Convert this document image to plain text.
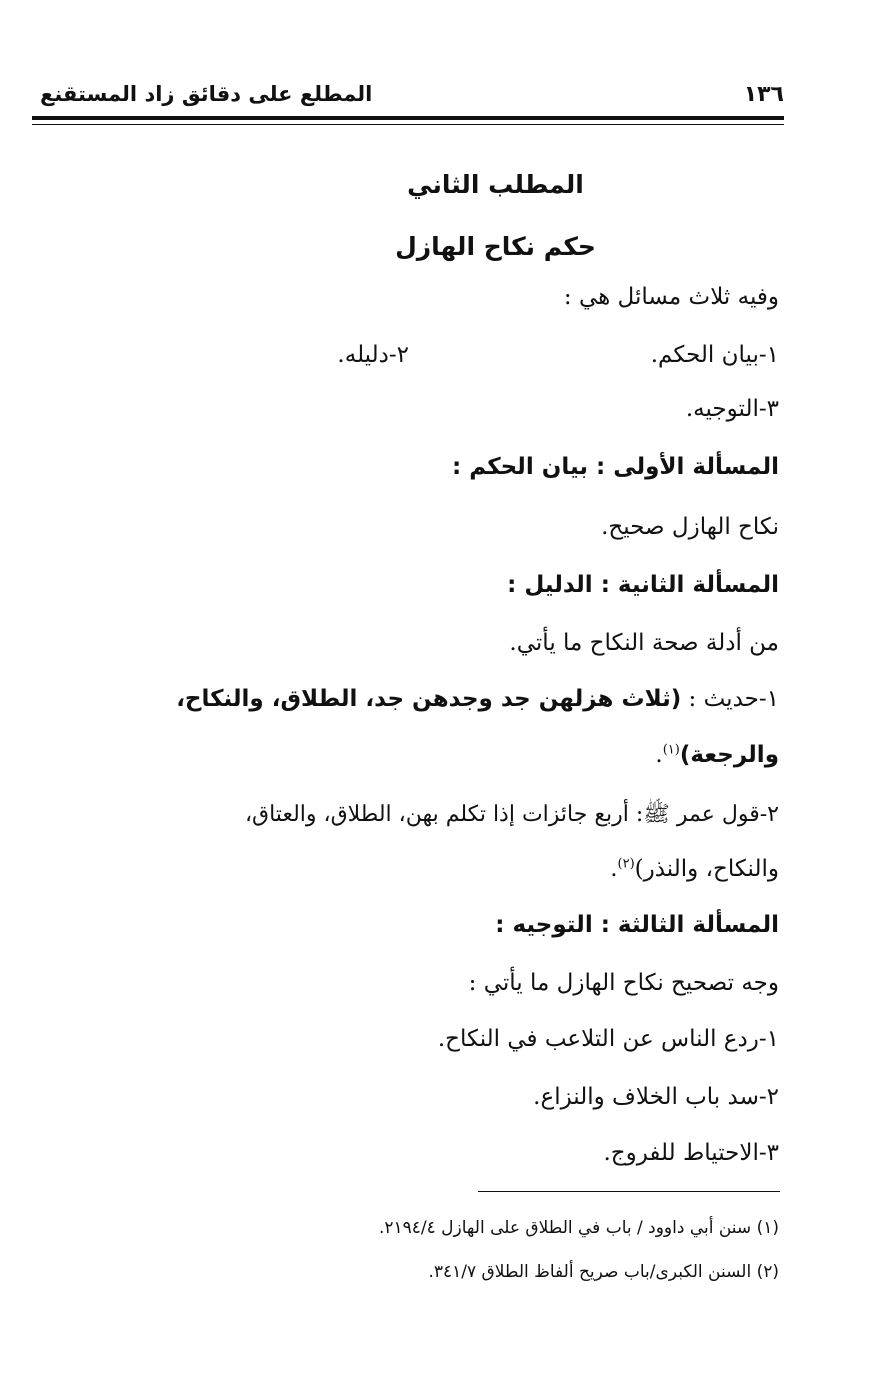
١٣٦
المطلع على دقائق زاد المستقنع
المطلب الثاني
حكم نكاح الهازل
وفيه ثلاث مسائل هي :
١-بيان الحكم.
٢-دليله.
٣-التوجيه.
المسألة الأولى : بيان الحكم :
نكاح الهازل صحيح.
المسألة الثانية : الدليل :
من أدلة صحة النكاح ما يأتي.
١-حديث : (ثلاث هزلهن جد وجدهن جد، الطلاق، والنكاح،
والرجعة)$^{(١)}$.
٢-قول عمر ﷺ: أربع جائزات إذا تكلم بهن، الطلاق، والعتاق،
والنكاح، والنذر)$^{(٢)}$.
المسألة الثالثة : التوجيه :
وجه تصحيح نكاح الهازل ما يأتي :
١-ردع الناس عن التلاعب في النكاح.
٢-سد باب الخلاف والنزاع.
٣-الاحتياط للفروج.
(١) سنن أبي داوود / باب في الطلاق على الهازل ٢١٩٤/٤.
(٢) السنن الكبرى/باب صريح ألفاظ الطلاق ٣٤١/٧.
